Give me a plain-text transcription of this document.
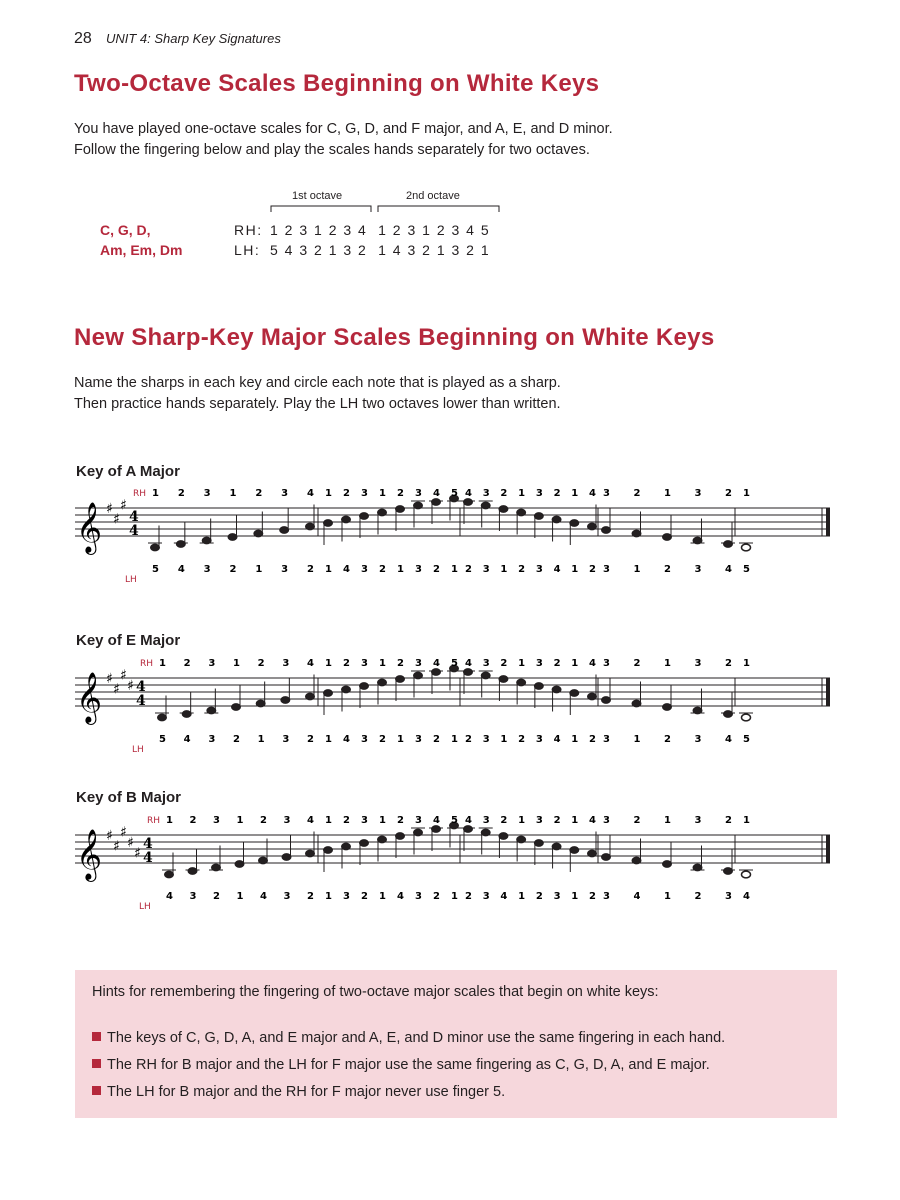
28 UNIT 4: Sharp Key Signatures
Two-Octave Scales Beginning on White Keys
You have played one-octave scales for C, G, D, and F major, and A, E, and D minor.
Follow the fingering below and play the scales hands separately for two octaves.
1st octave	2nd octave
C, G, D,
Am, Em, Dm
RH:
LH:
1 2 3 1 2 3 4  1 2 3 1 2 3 4 5
5 4 3 2 1 3 2  1 4 3 2 1 3 2 1
New Sharp-Key Major Scales Beginning on White Keys
Name the sharps in each key and circle each note that is played as a sharp.
Then practice hands separately. Play the LH two octaves lower than written.
Key of A Major
𝄞 ♯
♯
♯
4
4
1
5
2
4
3
3
1
2
2
1
3
3
4
2
1
1
2
4
3
3
1
2
2
1
3
3
4
2
5
1
4
2
3
3
2
1
1
2
3
3
2
4
1
1
4
2
3
3
2
1
1
2
3
3
2
4
1
5
RH
LH
Key of E Major
𝄞 ♯
♯
♯
♯ 4
4
1
5
2
4
3
3
1
2
2
1
3
3
4
2
1
1
2
4
3
3
1
2
2
1
3
3
4
2
5
1
4
2
3
3
2
1
1
2
3
3
2
4
1
1
4
2
3
3
2
1
1
2
3
3
2
4
1
5
RH
LH
Key of B Major
𝄞 ♯
♯
♯
♯
♯
4
4
1
4
2
3
3
2
1
1
2
4
3
3
4
2
1
1
2
3
3
2
1
1
2
4
3
3
4
2
5
1
4
2
3
3
2
4
1
1
3
2
2
3
1
1
4
2
3
3
2
4
1
1
3
2
2
3
1
4
RH
LH
Hints for remembering the fingering of two-octave major scales that begin on white keys:
The keys of C, G, D, A, and E major and A, E, and D minor use the same fingering in each hand.
The RH for B major and the LH for F major use the same fingering as C, G, D, A, and E major.
The LH for B major and the RH for F major never use finger 5.
